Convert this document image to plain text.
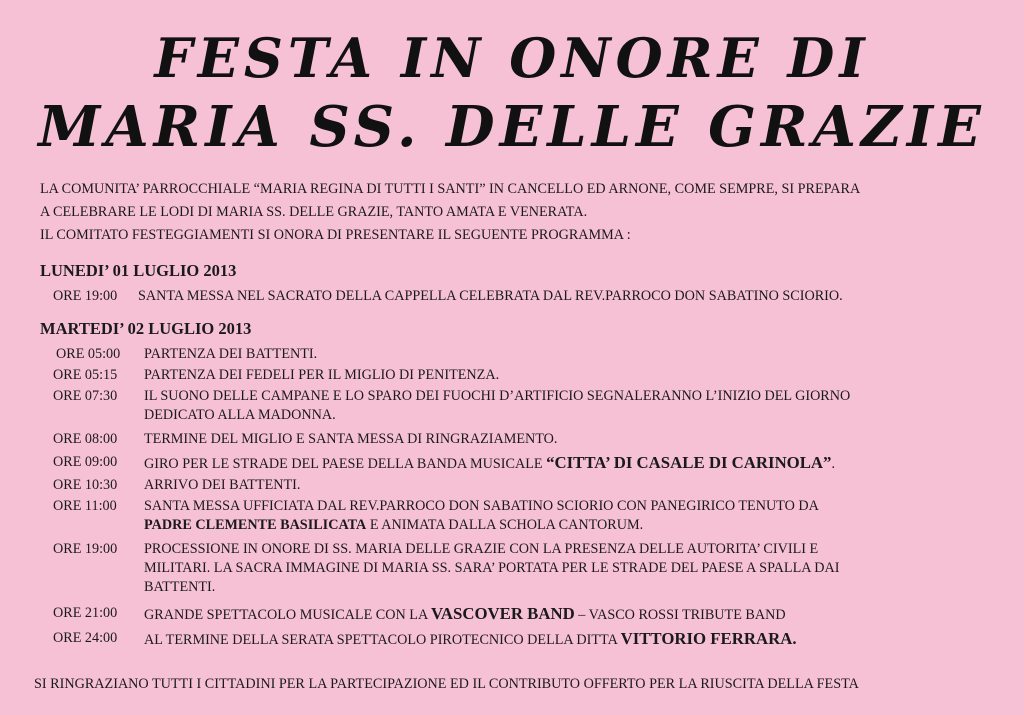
FESTA IN ONORE DI
MARIA SS. DELLE GRAZIE
LA COMUNITA’ PARROCCHIALE “MARIA REGINA DI TUTTI I SANTI” IN CANCELLO ED ARNONE, COME SEMPRE, SI PREPARA
A CELEBRARE LE LODI DI MARIA SS. DELLE GRAZIE, TANTO AMATA E VENERATA.
IL COMITATO FESTEGGIAMENTI SI ONORA DI PRESENTARE IL SEGUENTE PROGRAMMA :
LUNEDI’ 01 LUGLIO 2013
ORE 19:00 SANTA MESSA NEL SACRATO DELLA CAPPELLA CELEBRATA DAL REV.PARROCO DON SABATINO SCIORIO.
MARTEDI’ 02 LUGLIO 2013
ORE 05:00 PARTENZA DEI BATTENTI.
ORE 05:15 PARTENZA DEI FEDELI PER IL MIGLIO DI PENITENZA.
ORE 07:30 IL SUONO DELLE CAMPANE E LO SPARO DEI FUOCHI D’ARTIFICIO SEGNALERANNO L’INIZIO DEL GIORNO
DEDICATO ALLA MADONNA.
ORE 08:00 TERMINE DEL MIGLIO E SANTA MESSA DI RINGRAZIAMENTO.
ORE 09:00 GIRO PER LE STRADE DEL PAESE DELLA BANDA MUSICALE “CITTA’ DI CASALE DI CARINOLA”.
ORE 10:30 ARRIVO DEI BATTENTI.
ORE 11:00 SANTA MESSA UFFICIATA DAL REV.PARROCO DON SABATINO SCIORIO CON PANEGIRICO TENUTO DA
PADRE CLEMENTE BASILICATA E ANIMATA DALLA SCHOLA CANTORUM.
ORE 19:00 PROCESSIONE IN ONORE DI SS. MARIA DELLE GRAZIE CON LA PRESENZA DELLE AUTORITA’ CIVILI E
MILITARI. LA SACRA IMMAGINE DI MARIA SS. SARA’ PORTATA PER LE STRADE DEL PAESE A SPALLA DAI
BATTENTI.
ORE 21:00 GRANDE SPETTACOLO MUSICALE CON LA VASCOVER BAND – VASCO ROSSI TRIBUTE BAND
ORE 24:00 AL TERMINE DELLA SERATA SPETTACOLO PIROTECNICO DELLA DITTA VITTORIO FERRARA.
SI RINGRAZIANO TUTTI I CITTADINI PER LA PARTECIPAZIONE ED IL CONTRIBUTO OFFERTO PER LA RIUSCITA DELLA FESTA
